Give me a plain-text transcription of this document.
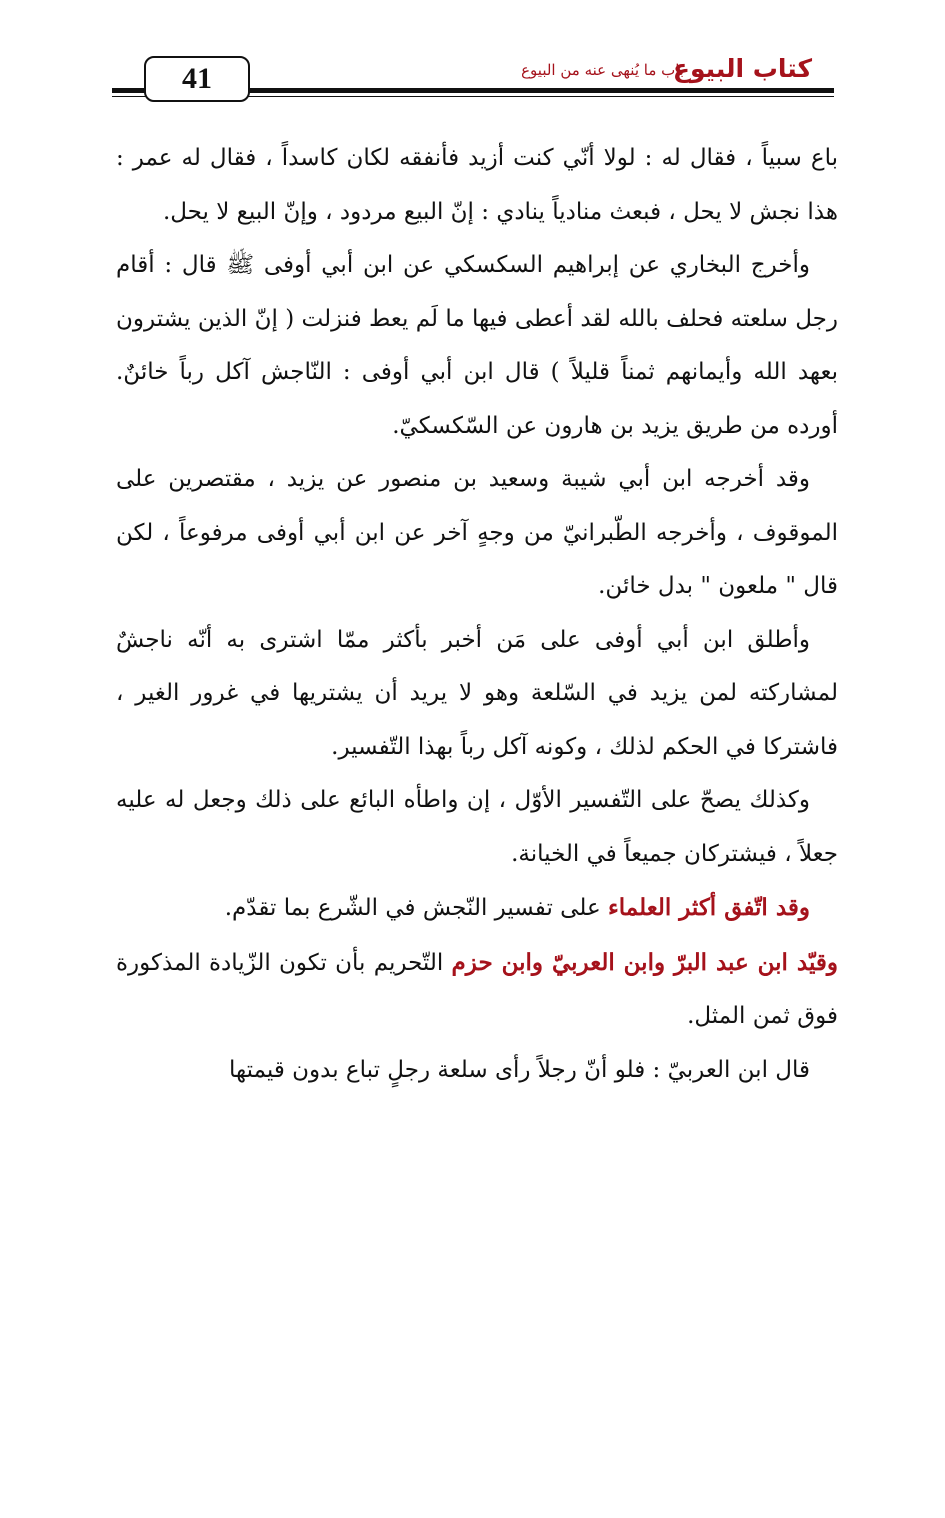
41	كتاب البيوع
باب ما يُنهى عنه من البيوع

باع سبياً ، فقال له : لولا أنّي كنت أزيد فأنفقه لكان كاسداً ، فقال له عمر : هذا نجش لا يحل ، فبعث منادياً ينادي : إنّ البيع مردود ، وإنّ البيع لا يحل.

وأخرج البخاري عن إبراهيم السكسكي عن ابن أبي أوفى ﷺ قال : أقام رجل سلعته فحلف بالله لقد أعطى فيها ما لَم يعط فنزلت ( إنّ الذين يشترون بعهد الله وأيمانهم ثمناً قليلاً ) قال ابن أبي أوفى : النّاجش آكل رباً خائنٌ. أورده من طريق يزيد بن هارون عن السّكسكيّ.

وقد أخرجه ابن أبي شيبة وسعيد بن منصور عن يزيد ، مقتصرين على الموقوف ، وأخرجه الطّبرانيّ من وجهٍ آخر عن ابن أبي أوفى مرفوعاً ، لكن قال " ملعون " بدل خائن.

وأطلق ابن أبي أوفى على مَن أخبر بأكثر ممّا اشترى به أنّه ناجشٌ لمشاركته لمن يزيد في السّلعة وهو لا يريد أن يشتريها في غرور الغير ، فاشتركا في الحكم لذلك ، وكونه آكل رباً بهذا التّفسير.

وكذلك يصحّ على التّفسير الأوّل ، إن واطأه البائع على ذلك وجعل له عليه جعلاً ، فيشتركان جميعاً في الخيانة.

وقد اتّفق أكثر العلماء على تفسير النّجش في الشّرع بما تقدّم.

وقيّد ابن عبد البرّ وابن العربيّ وابن حزم التّحريم بأن تكون الزّيادة المذكورة فوق ثمن المثل.

قال ابن العربيّ : فلو أنّ رجلاً رأى سلعة رجلٍ تباع بدون قيمتها
